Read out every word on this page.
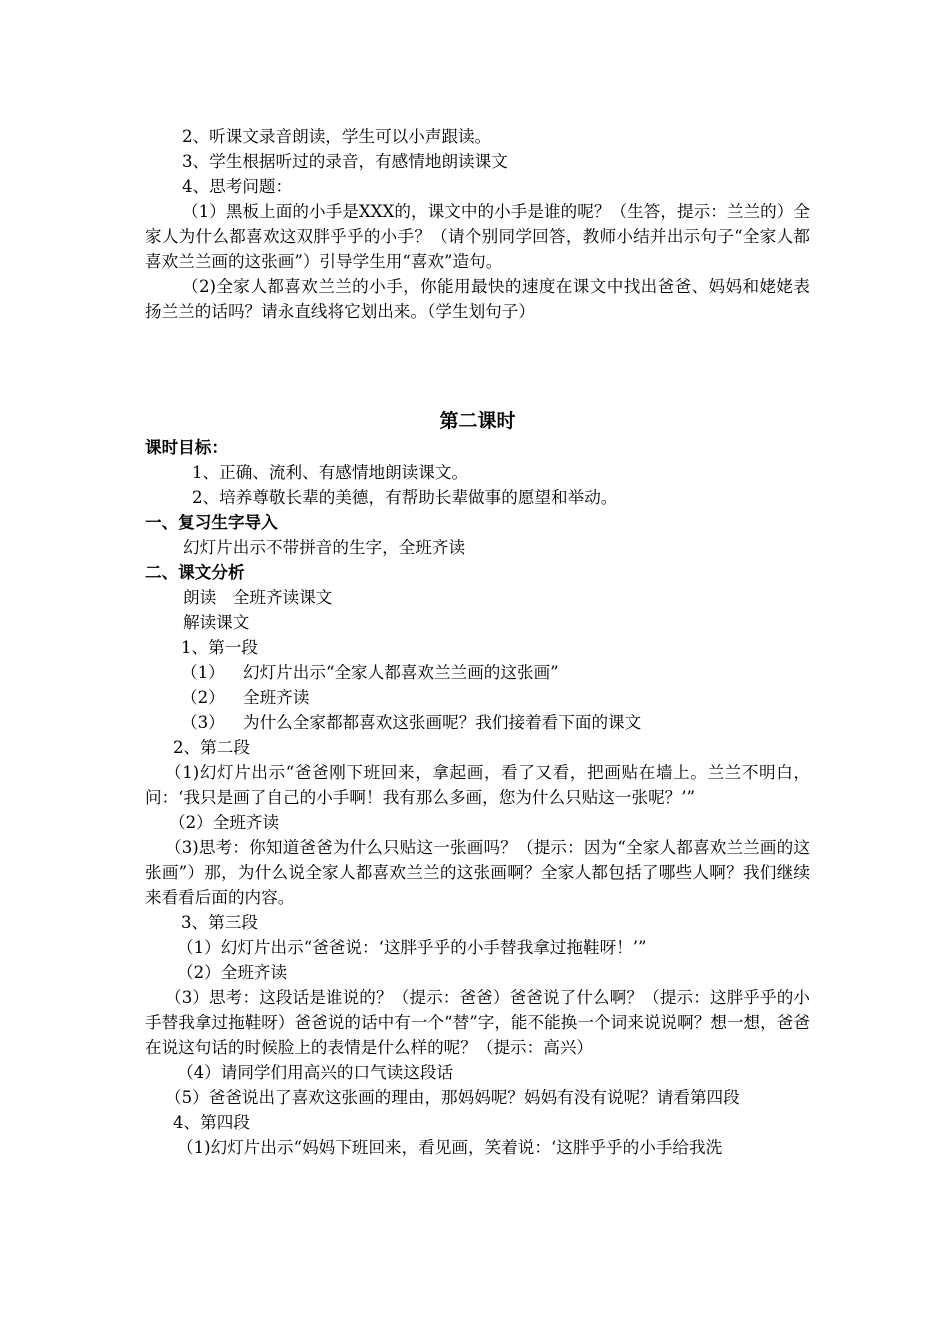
2、听课文录音朗读，学生可以小声跟读。

3、学生根据听过的录音，有感情地朗读课文

4、思考问题：

（1）黑板上面的小手是XXX的，课文中的小手是谁的呢？（生答，提示：兰兰的）全家人为什么都喜欢这双胖乎乎的小手？（请个别同学回答，教师小结并出示句子“全家人都喜欢兰兰画的这张画”）引导学生用“喜欢”造句。

（2)全家人都喜欢兰兰的小手，你能用最快的速度在课文中找出爸爸、妈妈和姥姥表扬兰兰的话吗？请永直线将它划出来。（学生划句子）

第二课时
课时目标：

1、正确、流利、有感情地朗读课文。

2、培养尊敬长辈的美德，有帮助长辈做事的愿望和举动。

一、复习生字导入

幻灯片出示不带拼音的生字，全班齐读

二、课文分析

朗读　全班齐读课文

解读课文

1、第一段

（1）	幻灯片出示“全家人都喜欢兰兰画的这张画”
（2）	全班齐读
（3）	为什么全家都都喜欢这张画呢？我们接着看下面的课文

2、第二段

（1)幻灯片出示“爸爸刚下班回来，拿起画，看了又看，把画贴在墙上。兰兰不明白，问：‘我只是画了自己的小手啊！我有那么多画，您为什么只贴这一张呢？’”

（2）全班齐读

（3)思考：你知道爸爸为什么只贴这一张画吗？（提示：因为“全家人都喜欢兰兰画的这张画”）那，为什么说全家人都喜欢兰兰的这张画啊？全家人都包括了哪些人啊？我们继续来看看后面的内容。

3、第三段

（1）幻灯片出示“爸爸说：‘这胖乎乎的小手替我拿过拖鞋呀！’”

（2）全班齐读

（3）思考：这段话是谁说的？（提示：爸爸）爸爸说了什么啊？（提示：这胖乎乎的小手替我拿过拖鞋呀）爸爸说的话中有一个“替”字，能不能换一个词来说说啊？想一想，爸爸在说这句话的时候脸上的表情是什么样的呢？（提示：高兴）

（4）请同学们用高兴的口气读这段话

（5）爸爸说出了喜欢这张画的理由，那妈妈呢？妈妈有没有说呢？请看第四段

4、第四段

（1)幻灯片出示“妈妈下班回来，看见画，笑着说：‘这胖乎乎的小手给我洗
